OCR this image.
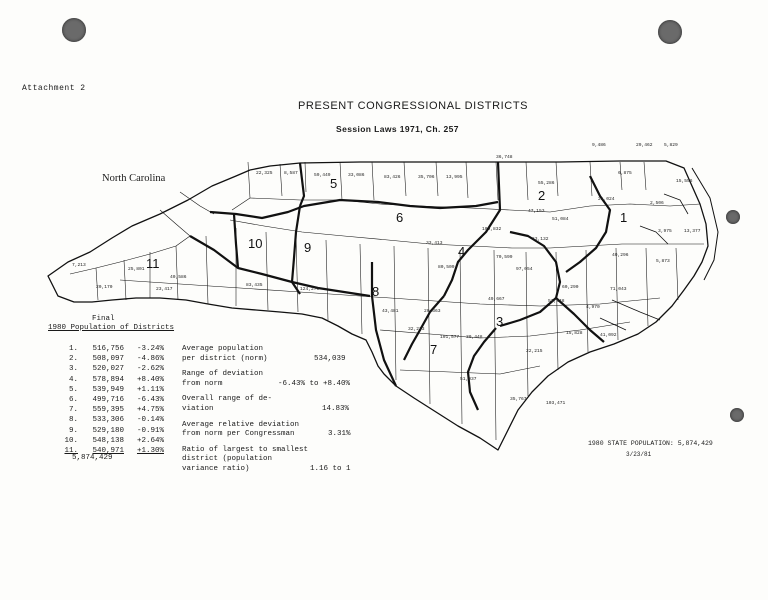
Attachment 2
PRESENT CONGRESSIONAL DISTRICTS
Session Laws 1971, Ch. 257
North Carolina
1
2
3
4
5
6
7
8
9
10
11
22,325 8,587	59,449	33,086	83,426	35,706 13,995
36,748
9,486	29,462 5,829
6,875
21,024
55,286	15,556
2,506
3,975	13,377
5,873
40,296
71,043
47,153
100,832
70,599
63,132
33,413
51,084
97,054
83,435
40,586
49,667
43,481	20,363
30,448
101,577
51,037
22,215
103,471
35,767
41,092
15,828
4,970
60,290
51,048
80,509
32,273
124,270
25,801
7,213
20,170	23,417
Final
1980 Population of Districts
1.	516,756	-3.24%
2.	508,097	-4.86%
3.	520,027	-2.62%
4.	578,894	+8.40%
5.	539,949	+1.11%
6.	499,716	-6.43%
7.	559,395	+4.75%
8.	533,306	-0.14%
9.	529,180	-0.91%
10.	548,138	+2.64%
11.	540,971	+1.30%
5,874,429
Average population
per district (norm)	534,039
Range of deviation
from norm	-6.43% to +8.40%
Overall range of de-
viation	14.83%
Average relative deviation
from norm per Congressman	3.31%
Ratio of largest to smallest
district (population
variance ratio)	1.16 to 1
1980 STATE POPULATION: 5,874,429
3/23/81
